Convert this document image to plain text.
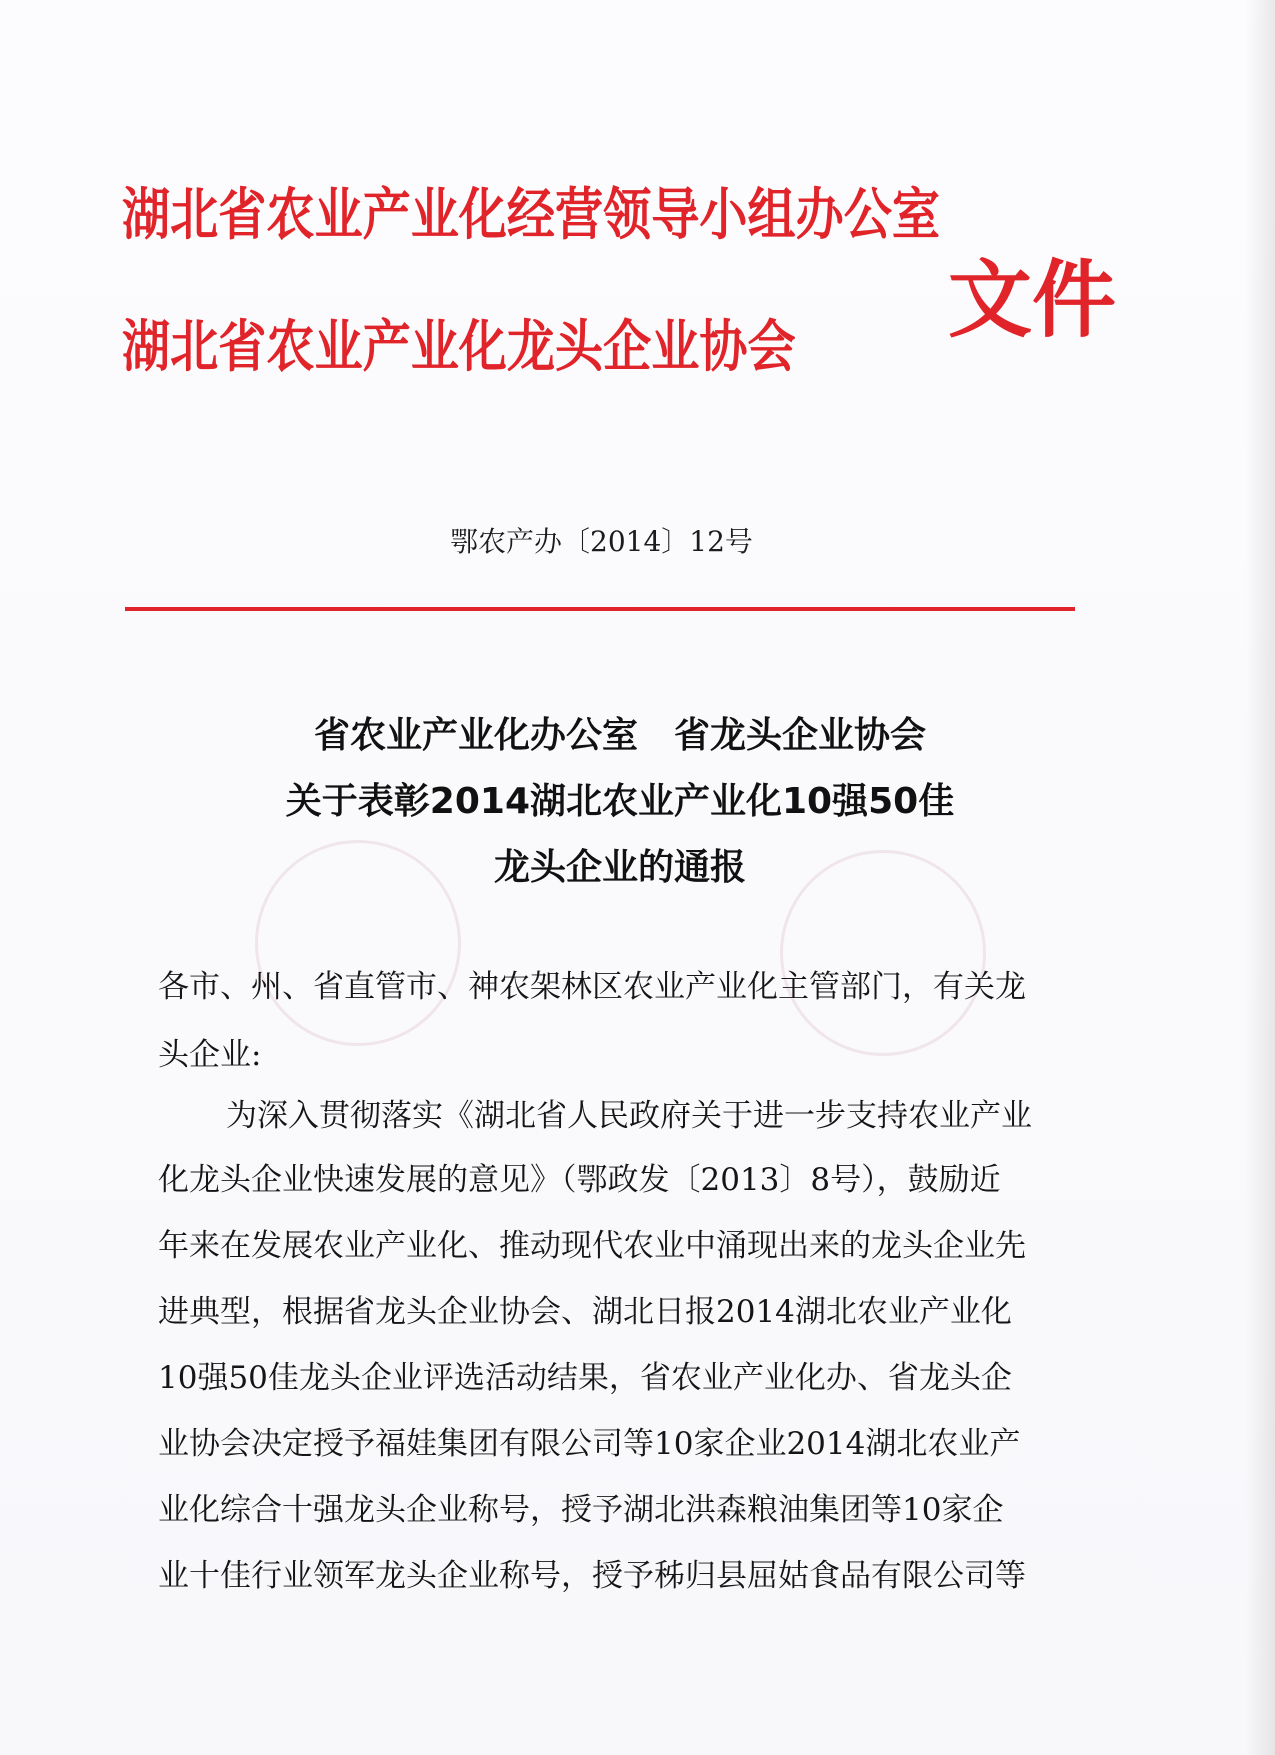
湖北省农业产业化经营领导小组办公室
湖北省农业产业化龙头企业协会 文件
鄂农产办〔2014〕12号
省农业产业化办公室　省龙头企业协会
关于表彰2014湖北农业产业化10强50佳
龙头企业的通报
各市、州、省直管市、神农架林区农业产业化主管部门，有关龙
头企业:
为深入贯彻落实《湖北省人民政府关于进一步支持农业产业
化龙头企业快速发展的意见》（鄂政发〔2013〕8号），鼓励近
年来在发展农业产业化、推动现代农业中涌现出来的龙头企业先
进典型，根据省龙头企业协会、湖北日报2014湖北农业产业化
10强50佳龙头企业评选活动结果，省农业产业化办、省龙头企
业协会决定授予福娃集团有限公司等10家企业2014湖北农业产
业化综合十强龙头企业称号，授予湖北洪森粮油集团等10家企
业十佳行业领军龙头企业称号，授予秭归县屈姑食品有限公司等
